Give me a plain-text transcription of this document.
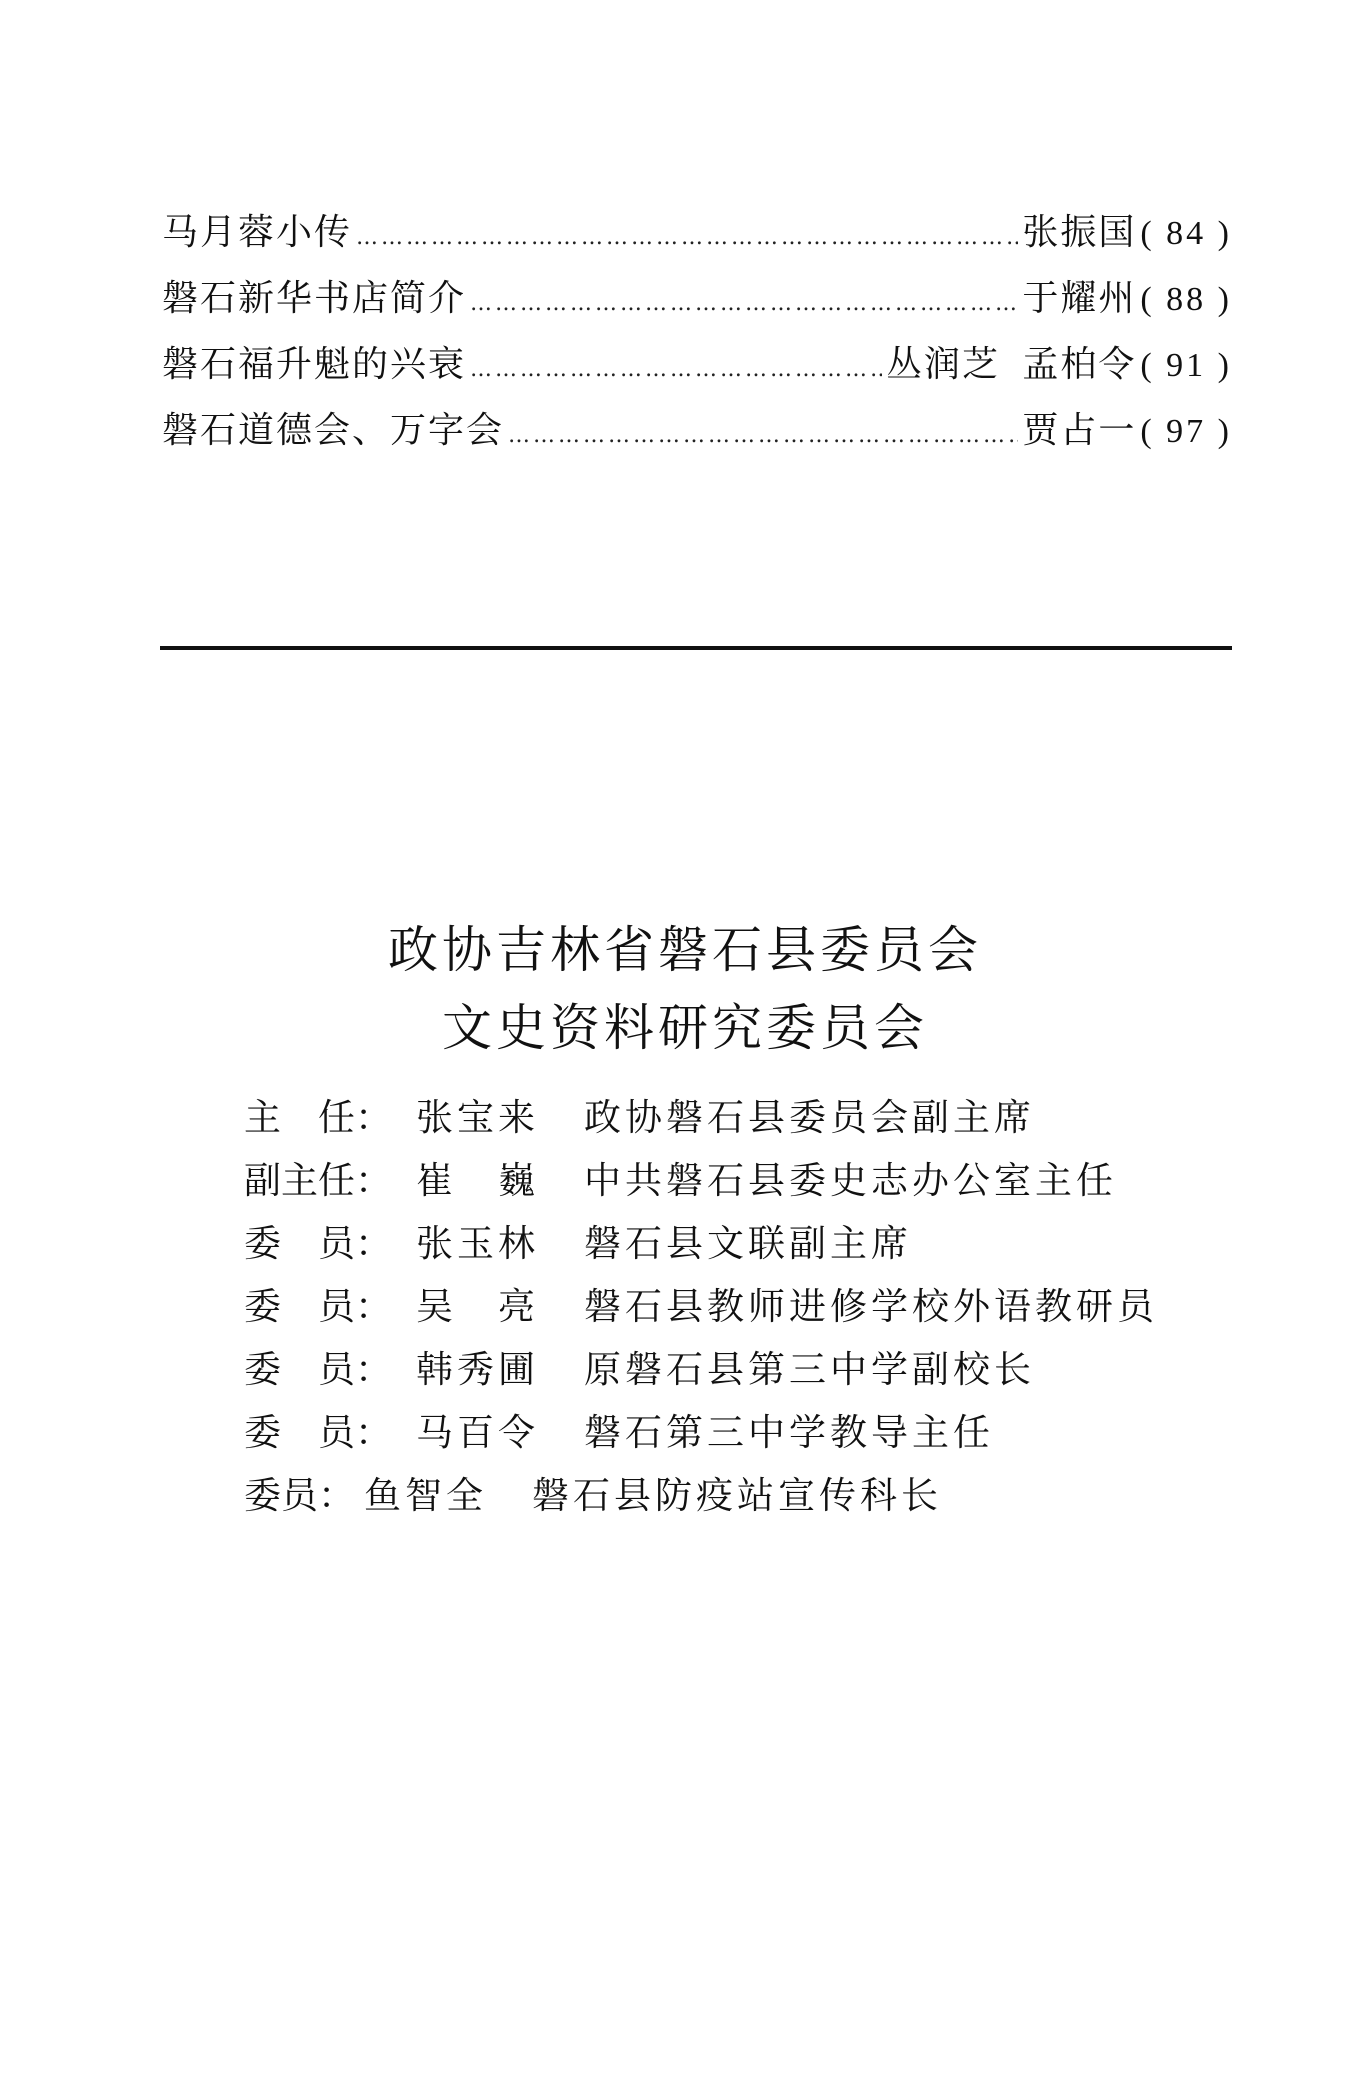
马月蓉小传 …………………………………………………………………………………………	张振国 ( 84 )
磐石新华书店简介 …………………………………………………………………………………………	于耀州 ( 88 )
磐石福升魁的兴衰 …………………………………………………………………………………………	丛润芝 孟柏令 ( 91 )
磐石道德会、万字会 …………………………………………………………………………………………	贾占一 ( 97 )
政协吉林省磐石县委员会
文史资料研究委员会
主　任： 张宝来	政协磐石县委员会副主席
副主任： 崔　巍	中共磐石县委史志办公室主任
委　员： 张玉林	磐石县文联副主席
委　员： 吴　亮	磐石县教师进修学校外语教研员
委　员： 韩秀圃	原磐石县第三中学副校长
委　员： 马百令	磐石第三中学教导主任
委员： 鱼智全	磐石县防疫站宣传科长
